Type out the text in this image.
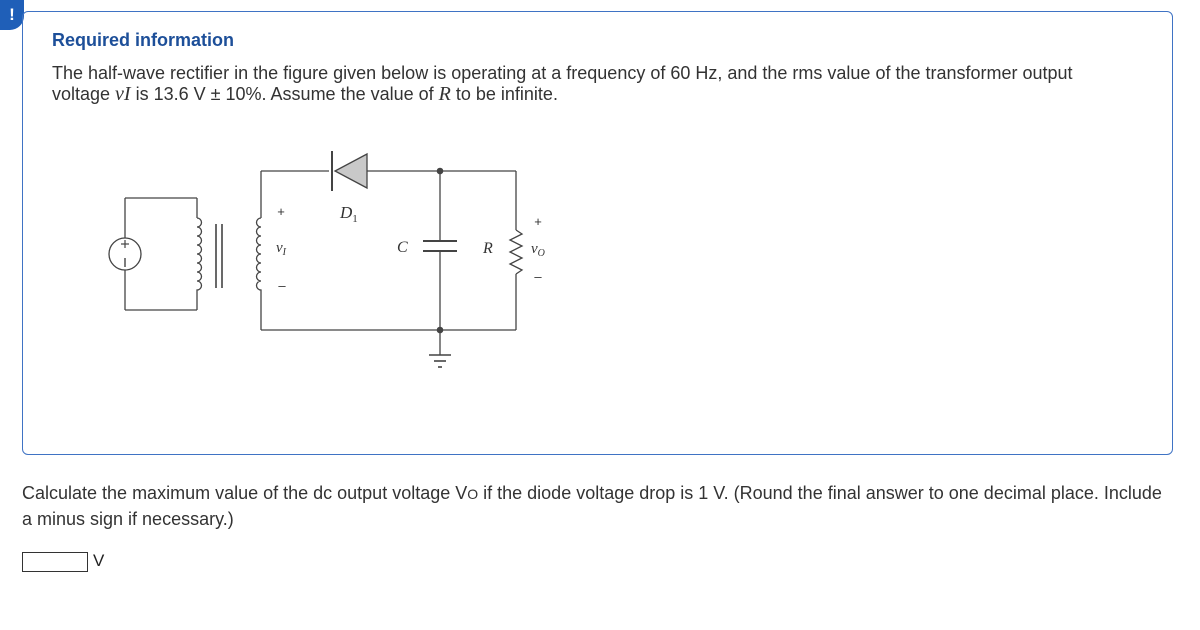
!
Required information

The half-wave rectifier in the figure given below is operating at a frequency of 60 Hz, and the rms value of the transformer output voltage vI is 13.6 V ± 10%. Assume the value of R to be infinite.

+
$v_I$
–
$D_1$
C	R
+
$v_O$
–

Calculate the maximum value of the dc output voltage VO if the diode voltage drop is 1 V. (Round the final answer to one decimal place. Include a minus sign if necessary.)

V
